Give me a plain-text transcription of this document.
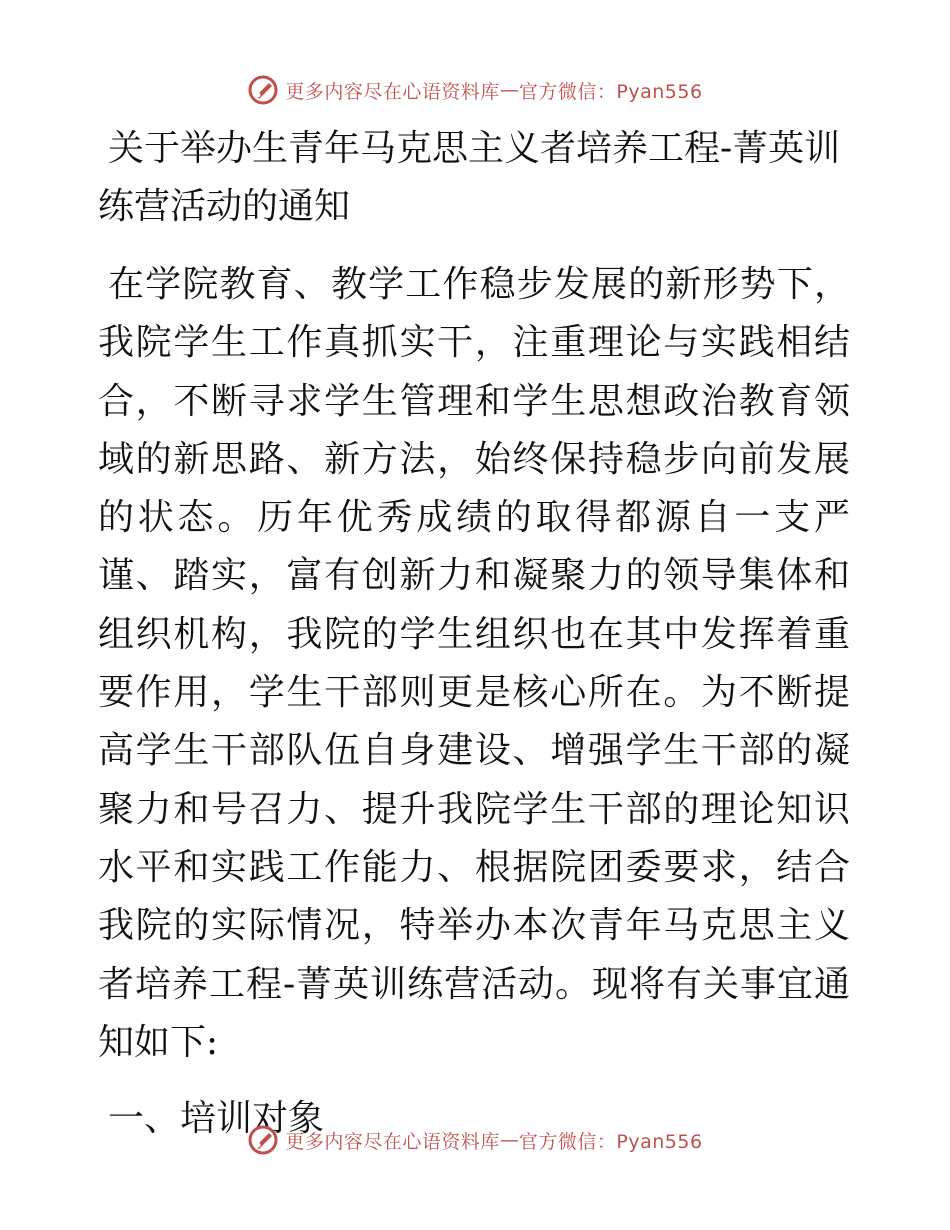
更多内容尽在心语资料库 — 官方微信：Pyan556
关于举办生青年马克思主义者培养工程-菁英训练营活动的通知

在学院教育、教学工作稳步发展的新形势下，我院学生工作真抓实干，注重理论与实践相结合，不断寻求学生管理和学生思想政治教育领域的新思路、新方法，始终保持稳步向前发展的状态。历年优秀成绩的取得都源自一支严谨、踏实，富有创新力和凝聚力的领导集体和组织机构，我院的学生组织也在其中发挥着重要作用，学生干部则更是核心所在。为不断提高学生干部队伍自身建设、增强学生干部的凝聚力和号召力、提升我院学生干部的理论知识水平和实践工作能力、根据院团委要求，结合我院的实际情况，特举办本次青年马克思主义者培养工程-菁英训练营活动。现将有关事宜通知如下:

一、培训对象

更多内容尽在心语资料库 — 官方微信：Pyan556
